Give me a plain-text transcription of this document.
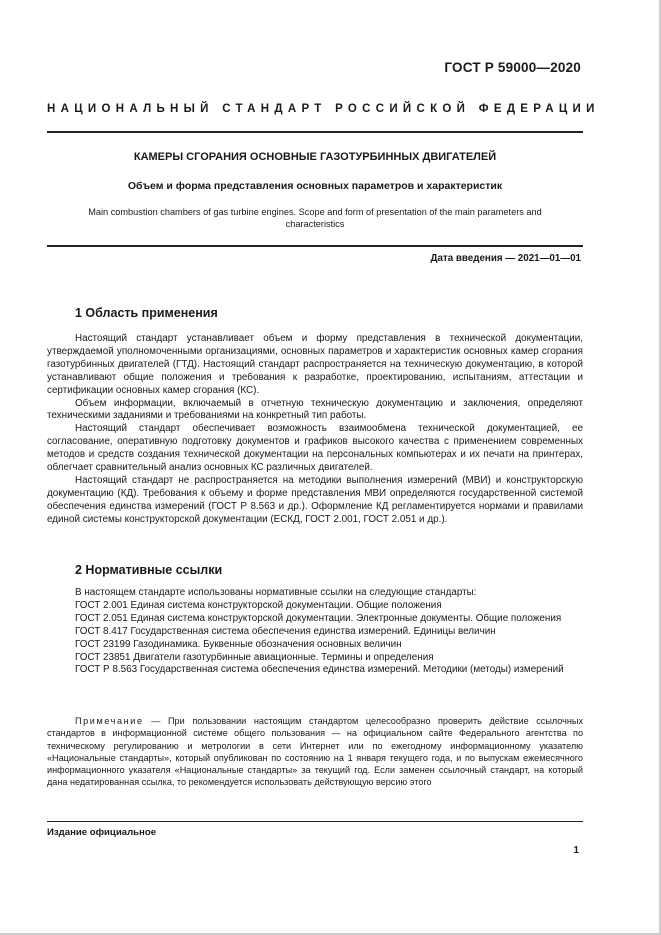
ГОСТ Р 59000—2020
НАЦИОНАЛЬНЫЙ СТАНДАРТ РОССИЙСКОЙ ФЕДЕРАЦИИ
КАМЕРЫ СГОРАНИЯ ОСНОВНЫЕ ГАЗОТУРБИННЫХ ДВИГАТЕЛЕЙ
Объем и форма представления основных параметров и характеристик
Main combustion chambers of gas turbine engines. Scope and form of presentation of the main parameters and characteristics
Дата введения — 2021—01—01
1 Область применения

Настоящий стандарт устанавливает объем и форму представления в технической документации, утверждаемой уполномоченными организациями, основных параметров и характеристик основных камер сгорания газотурбинных двигателей (ГТД). Настоящий стандарт распространяется на техническую документацию, в которой устанавливают общие положения и требования к разработке, проектированию, испытаниям, аттестации и сертификации основных камер сгорания (КС).

Объем информации, включаемый в отчетную техническую документацию и заключения, определяют техническими заданиями и требованиями на конкретный тип работы.

Настоящий стандарт обеспечивает возможность взаимообмена технической документацией, ее согласование, оперативную подготовку документов и графиков высокого качества с применением современных методов и средств создания технической документации на персональных компьютерах и их печати на принтерах, облегчает сравнительный анализ основных КС различных двигателей.

Настоящий стандарт не распространяется на методики выполнения измерений (МВИ) и конструкторскую документацию (КД). Требования к объему и форме представления МВИ определяются государственной системой обеспечения единства измерений (ГОСТ Р 8.563 и др.). Оформление КД регламентируется нормами и правилами единой системы конструкторской документации (ЕСКД, ГОСТ 2.001, ГОСТ 2.051 и др.).

2 Нормативные ссылки

В настоящем стандарте использованы нормативные ссылки на следующие стандарты:

ГОСТ 2.001 Единая система конструкторской документации. Общие положения

ГОСТ 2.051 Единая система конструкторской документации. Электронные документы. Общие положения

ГОСТ 8.417 Государственная система обеспечения единства измерений. Единицы величин

ГОСТ 23199 Газодинамика. Буквенные обозначения основных величин

ГОСТ 23851 Двигатели газотурбинные авиационные. Термины и определения

ГОСТ Р 8.563 Государственная система обеспечения единства измерений. Методики (методы) измерений

Примечание — При пользовании настоящим стандартом целесообразно проверить действие ссылочных стандартов в информационной системе общего пользования — на официальном сайте Федерального агентства по техническому регулированию и метрологии в сети Интернет или по ежегодному информационному указателю «Национальные стандарты», который опубликован по состоянию на 1 января текущего года, и по выпускам ежемесячного информационного указателя «Национальные стандарты» за текущий год. Если заменен ссылочный стандарт, на который дана недатированная ссылка, то рекомендуется использовать действующую версию этого

Издание официальное
1
